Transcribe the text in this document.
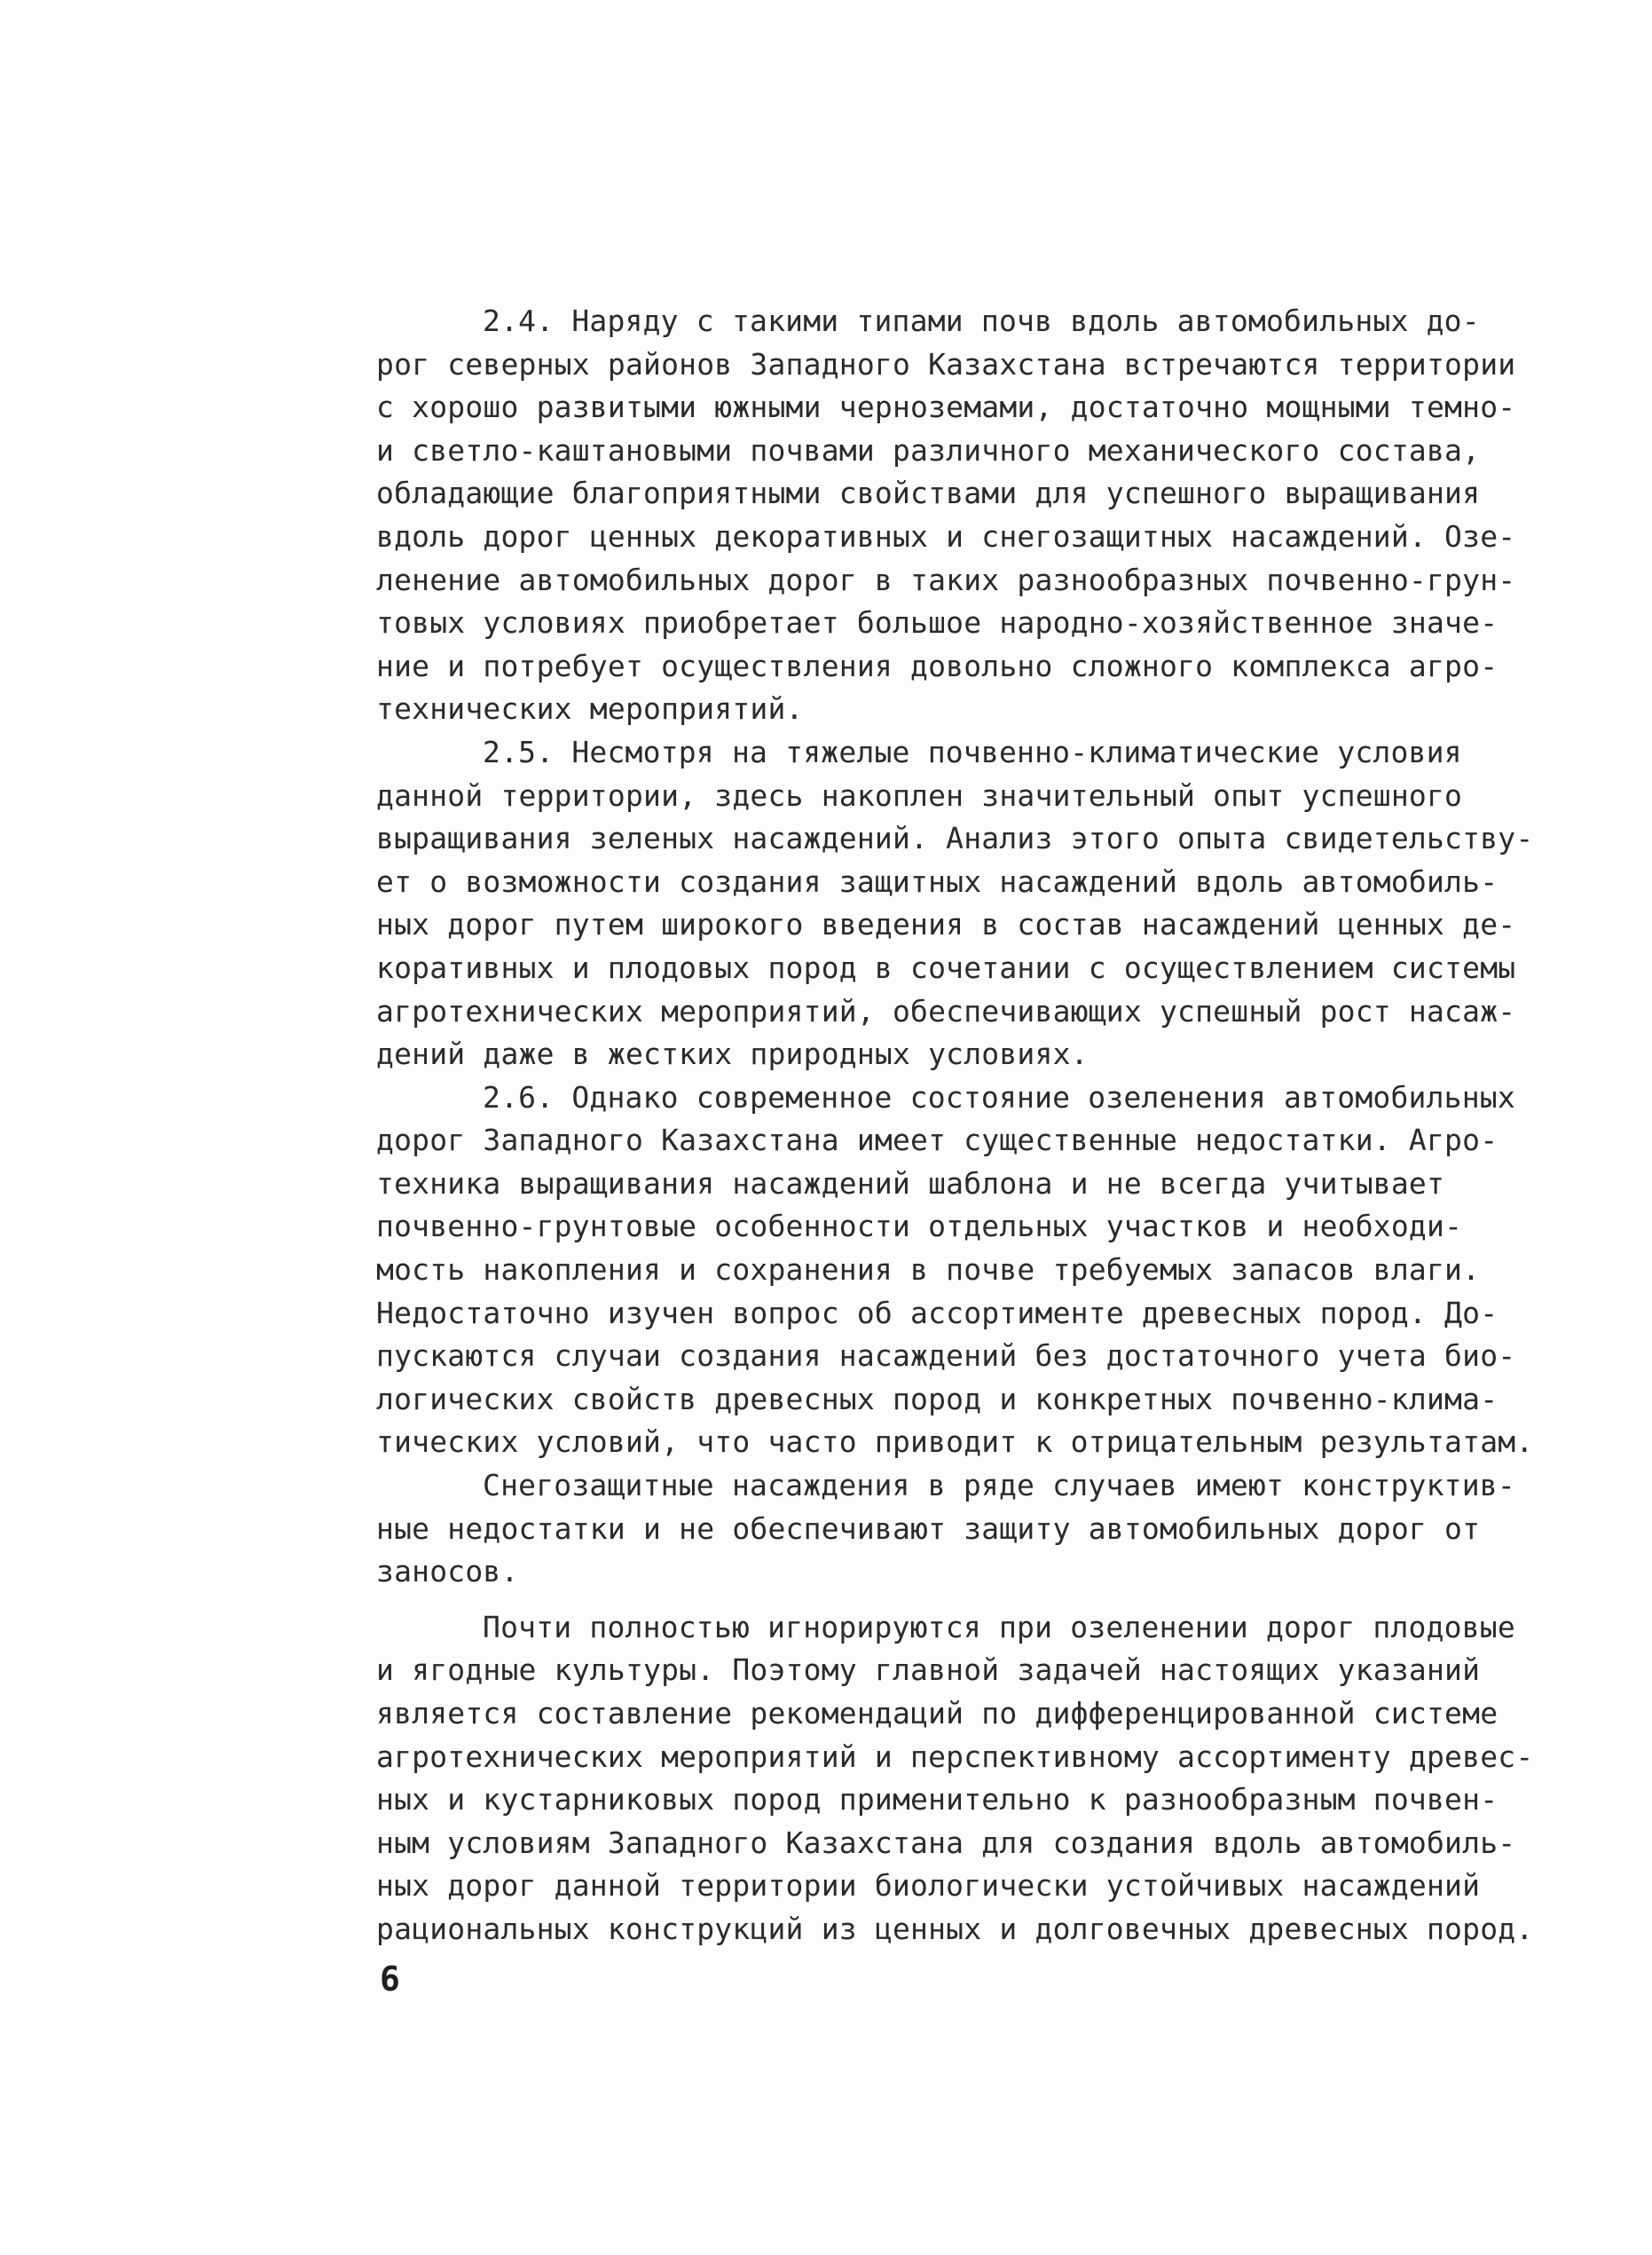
2.4. Наряду с такими типами почв вдоль автомобильных до-
рог северных районов Западного Казахстана встречаются территории
с хорошо развитыми южными черноземами, достаточно мощными темно-
и светло-каштановыми почвами различного механического состава,
обладающие благоприятными свойствами для успешного выращивания
вдоль дорог ценных декоративных и снегозащитных насаждений. Озе-
ленение автомобильных дорог в таких разнообразных почвенно-грун-
товых условиях приобретает большое народно-хозяйственное значе-
ние и потребует осуществления довольно сложного комплекса агро-
технических мероприятий.
2.5. Несмотря на тяжелые почвенно-климатические условия
данной территории, здесь накоплен значительный опыт успешного
выращивания зеленых насаждений. Анализ этого опыта свидетельству-
ет о возможности создания защитных насаждений вдоль автомобиль-
ных дорог путем широкого введения в состав насаждений ценных де-
коративных и плодовых пород в сочетании с осуществлением системы
агротехнических мероприятий, обеспечивающих успешный рост насаж-
дений даже в жестких природных условиях.
2.6. Однако современное состояние озеленения автомобильных
дорог Западного Казахстана имеет существенные недостатки. Агро-
техника выращивания насаждений шаблона и не всегда учитывает
почвенно-грунтовые особенности отдельных участков и необходи-
мость накопления и сохранения в почве требуемых запасов влаги.
Недостаточно изучен вопрос об ассортименте древесных пород. До-
пускаются случаи создания насаждений без достаточного учета био-
логических свойств древесных пород и конкретных почвенно-клима-
тических условий, что часто приводит к отрицательным результатам.
Снегозащитные насаждения в ряде случаев имеют конструктив-
ные недостатки и не обеспечивают защиту автомобильных дорог от
заносов.
Почти полностью игнорируются при озеленении дорог плодовые
и ягодные культуры. Поэтому главной задачей настоящих указаний
является составление рекомендаций по дифференцированной системе
агротехнических мероприятий и перспективному ассортименту древес-
ных и кустарниковых пород применительно к разнообразным почвен-
ным условиям Западного Казахстана для создания вдоль автомобиль-
ных дорог данной территории биологически устойчивых насаждений
рациональных конструкций из ценных и долговечных древесных пород.
6
